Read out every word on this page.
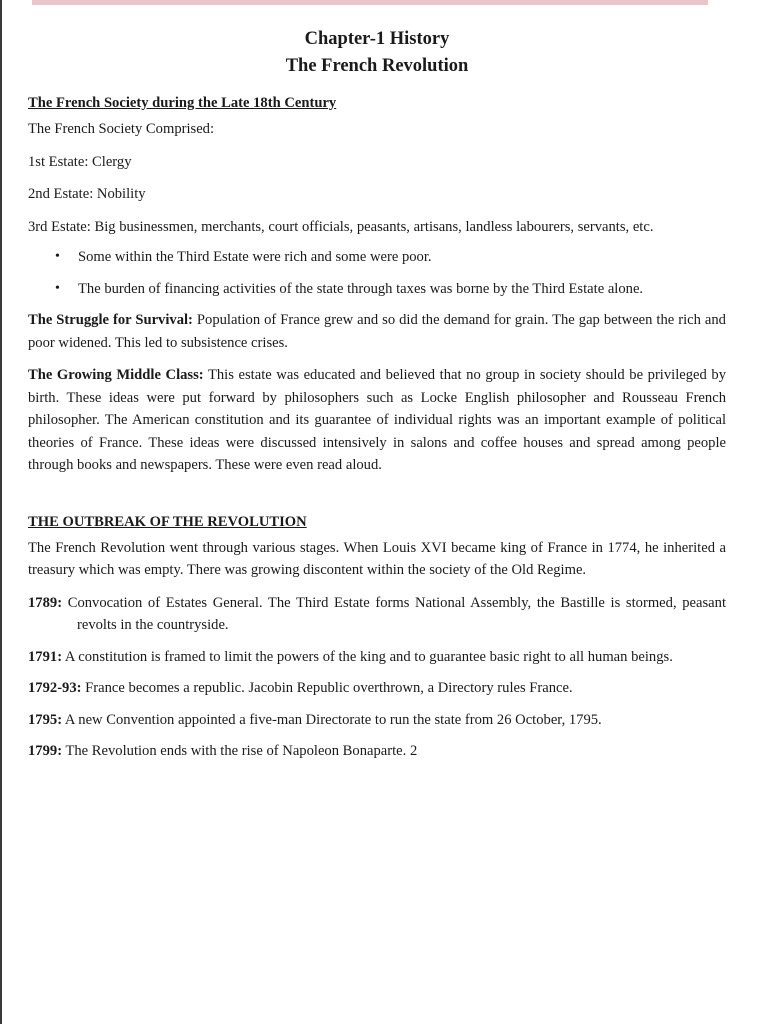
Chapter-1 History
The French Revolution
The French Society during the Late 18th Century

The French Society Comprised:

1st Estate: Clergy

2nd Estate: Nobility

3rd Estate: Big businessmen, merchants, court officials, peasants, artisans, landless labourers, servants, etc.

• Some within the Third Estate were rich and some were poor.
• The burden of financing activities of the state through taxes was borne by the Third Estate alone.

The Struggle for Survival: Population of France grew and so did the demand for grain. The gap between the rich and poor widened. This led to subsistence crises.

The Growing Middle Class: This estate was educated and believed that no group in society should be privileged by birth. These ideas were put forward by philosophers such as Locke English philosopher and Rousseau French philosopher. The American constitution and its guarantee of individual rights was an important example of political theories of France. These ideas were discussed intensively in salons and coffee houses and spread among people through books and newspapers. These were even read aloud.

THE OUTBREAK OF THE REVOLUTION

The French Revolution went through various stages. When Louis XVI became king of France in 1774, he inherited a treasury which was empty. There was growing discontent within the society of the Old Regime.

1789: Convocation of Estates General. The Third Estate forms National Assembly, the Bastille is stormed, peasant revolts in the countryside.

1791: A constitution is framed to limit the powers of the king and to guarantee basic right to all human beings.

1792-93: France becomes a republic. Jacobin Republic overthrown, a Directory rules France.

1795: A new Convention appointed a five-man Directorate to run the state from 26 October, 1795.

1799: The Revolution ends with the rise of Napoleon Bonaparte. 2
